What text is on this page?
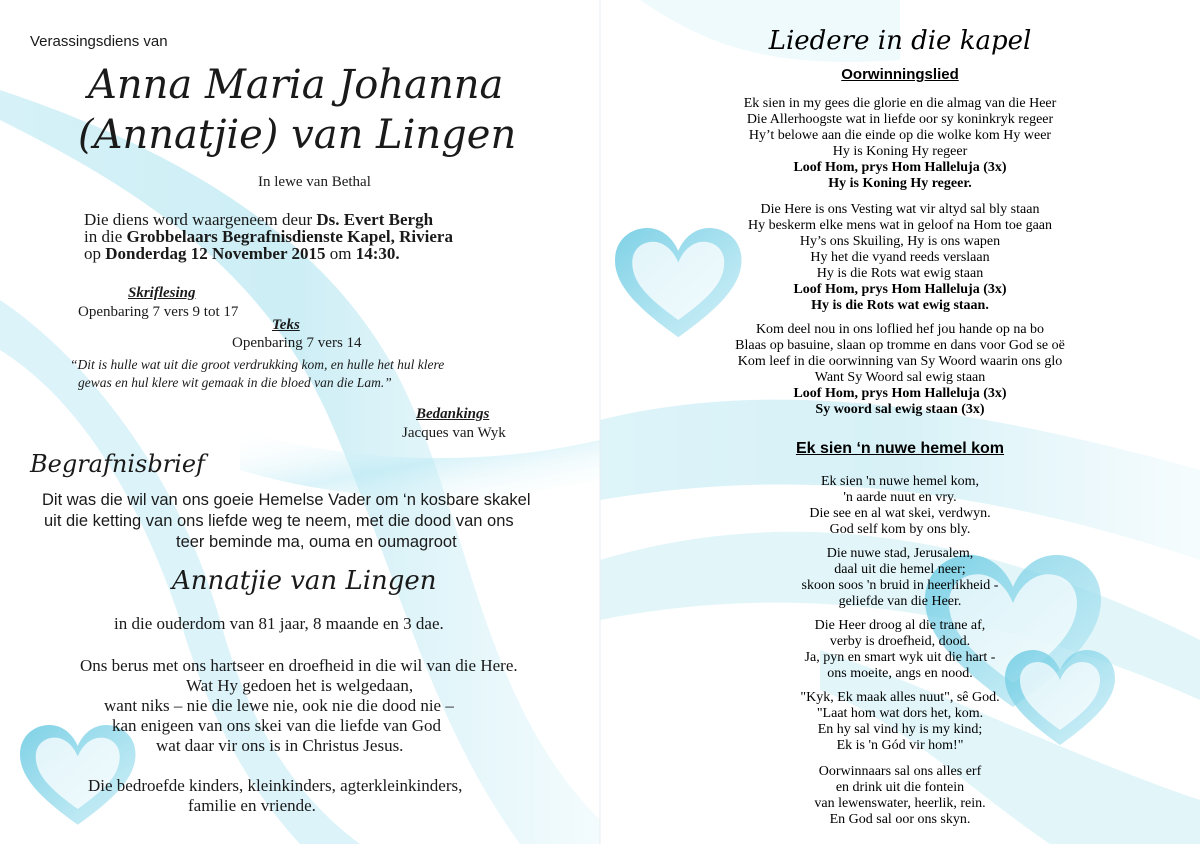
Verassingsdiens van
Anna Maria Johanna
(Annatjie) van Lingen
In lewe van Bethal
Die diens word waargeneem deur Ds. Evert Bergh
in die Grobbelaars Begrafnisdienste Kapel, Riviera
op Donderdag 12 November 2015 om 14:30.
Skriflesing
Openbaring 7 vers 9 tot 17
Teks
Openbaring 7 vers 14
“Dit is hulle wat uit die groot verdrukking kom, en hulle het hul klere
gewas en hul klere wit gemaak in die bloed van die Lam.”
Bedankings
Jacques van Wyk
Begrafnisbrief
Dit was die wil van ons goeie Hemelse Vader om ‘n kosbare skakel
uit die ketting van ons liefde weg te neem, met die dood van ons
teer beminde ma, ouma en oumagroot
Annatjie van Lingen
in die ouderdom van 81 jaar, 8 maande en 3 dae.
Ons berus met ons hartseer en droefheid in die wil van die Here.
Wat Hy gedoen het is welgedaan,
want niks – nie die lewe nie, ook nie die dood nie –
kan enigeen van ons skei van die liefde van God
wat daar vir ons is in Christus Jesus.
Die bedroefde kinders, kleinkinders, agterkleinkinders,
familie en vriende.
Liedere in die kapel
Oorwinningslied
Ek sien in my gees die glorie en die almag van die Heer
Die Allerhoogste wat in liefde oor sy koninkryk regeer
Hy’t belowe aan die einde op die wolke kom Hy weer
Hy is Koning Hy regeer
Loof Hom, prys Hom Halleluja (3x)
Hy is Koning Hy regeer.
Die Here is ons Vesting wat vir altyd sal bly staan
Hy beskerm elke mens wat in geloof na Hom toe gaan
Hy’s ons Skuiling, Hy is ons wapen
Hy het die vyand reeds verslaan
Hy is die Rots wat ewig staan
Loof Hom, prys Hom Halleluja (3x)
Hy is die Rots wat ewig staan.
Kom deel nou in ons loflied hef jou hande op na bo
Blaas op basuine, slaan op tromme en dans voor God se oë
Kom leef in die oorwinning van Sy Woord waarin ons glo
Want Sy Woord sal ewig staan
Loof Hom, prys Hom Halleluja (3x)
Sy woord sal ewig staan (3x)
Ek sien ‘n nuwe hemel kom
Ek sien 'n nuwe hemel kom,
'n aarde nuut en vry.
Die see en al wat skei, verdwyn.
God self kom by ons bly.
Die nuwe stad, Jerusalem,
daal uit die hemel neer;
skoon soos 'n bruid in heerlikheid -
geliefde van die Heer.
Die Heer droog al die trane af,
verby is droefheid, dood.
Ja, pyn en smart wyk uit die hart -
ons moeite, angs en nood.
"Kyk, Ek maak alles nuut", sê God.
"Laat hom wat dors het, kom.
En hy sal vind hy is my kind;
Ek is 'n Gód vir hom!"
Oorwinnaars sal ons alles erf
en drink uit die fontein
van lewenswater, heerlik, rein.
En God sal oor ons skyn.
